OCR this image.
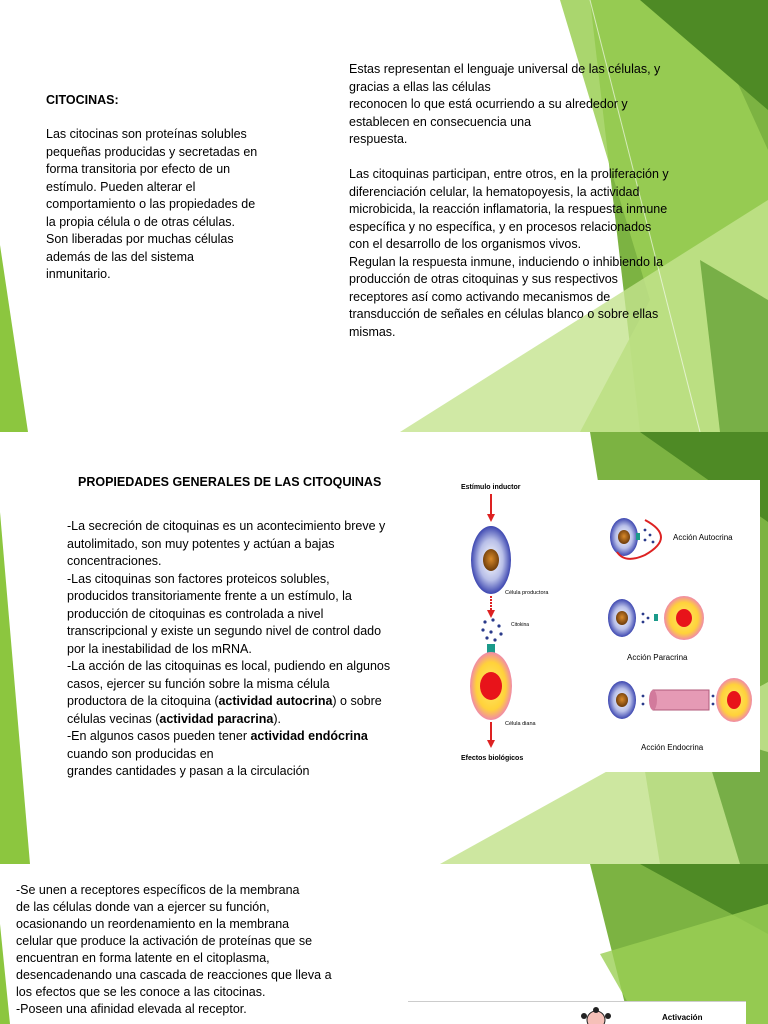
CITOCINAS:
Las citocinas son proteínas solubles
pequeñas producidas y secretadas en
forma transitoria por efecto de un
estímulo. Pueden alterar el
comportamiento o las propiedades de
la propia célula o de otras células.
Son liberadas por muchas células
además de las del sistema
inmunitario.
Estas representan el lenguaje universal de las células, y
gracias a ellas las células
reconocen lo que está ocurriendo a su alrededor y
establecen en consecuencia una
respuesta.

Las citoquinas participan, entre otros, en la proliferación y
diferenciación celular, la hematopoyesis, la actividad
microbicida, la reacción inflamatoria, la respuesta inmune
específica y no específica, y en procesos relacionados
con el desarrollo de los organismos vivos.
Regulan la respuesta inmune, induciendo o inhibiendo la
producción de otras citoquinas y sus respectivos
receptores así como activando mecanismos de
transducción de señales en células blanco o sobre ellas
mismas.
PROPIEDADES GENERALES DE LAS CITOQUINAS
-La secreción de citoquinas es un acontecimiento breve y
autolimitado, son muy potentes y actúan a bajas
concentraciones.
-Las citoquinas son factores proteicos solubles,
producidos transitoriamente frente a un estímulo, la
producción de citoquinas es controlada a nivel
transcripcional y existe un segundo nivel de control dado
por la inestabilidad de los mRNA.
-La acción de las citoquinas es local, pudiendo en algunos
casos, ejercer su función sobre la misma célula
productora de la citoquina (actividad autocrina) o sobre
células vecinas (actividad paracrina).
-En algunos casos pueden tener actividad endócrina
cuando son producidas en
grandes cantidades y pasan a la circulación
Estímulo inductor
Célula productora
Citokina
Célula diana
Efectos biológicos
Acción Autocrina
Acción Paracrina
Acción Endocrina
-Se unen a receptores específicos de la membrana
de las células donde van a ejercer su función,
ocasionando un reordenamiento en la membrana
celular que produce la activación de proteínas que se
encuentran en forma latente en el citoplasma,
desencadenando una cascada de reacciones que lleva a
los efectos que se les conoce a las citocinas.
-Poseen una afinidad elevada al receptor.
Activación
